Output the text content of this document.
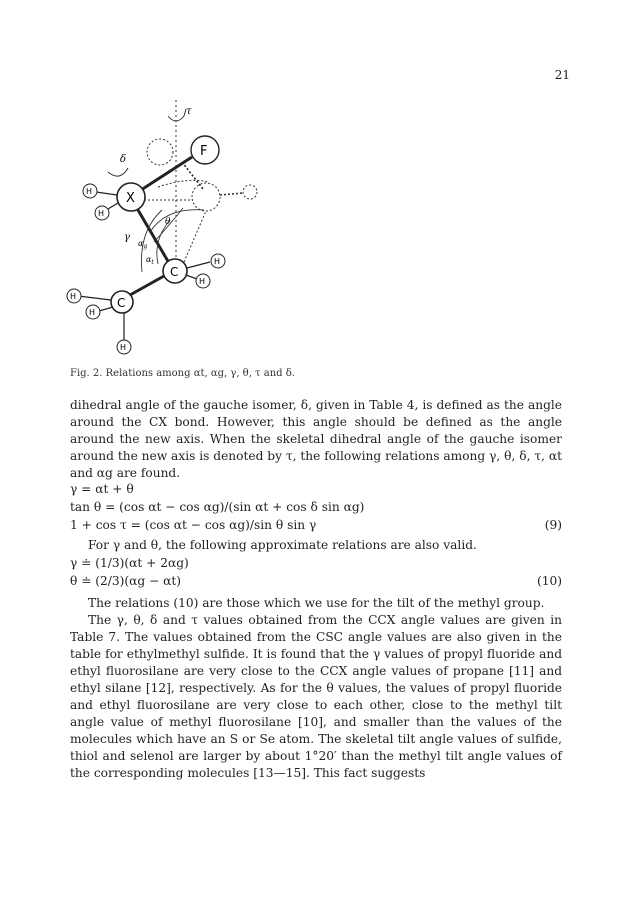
21
τ
δ
F
X
H
H
θ
γ
$\alpha_g$
$\alpha_t$
C
H
H
C
H
H
H
Fig. 2. Relations among αt, αg, γ, θ, τ and δ.

dihedral angle of the gauche isomer, δ, given in Table 4, is defined as the angle around the CX bond. However, this angle should be defined as the angle around the new axis. When the skeletal dihedral angle of the gauche isomer around the new axis is denoted by τ, the following relations among γ, θ, δ, τ, αt and αg are found.

γ = αt + θ
tan θ = (cos αt − cos αg)/(sin αt + cos δ sin αg)
1 + cos τ = (cos αt − cos αg)/sin θ sin γ	(9)

For γ and θ, the following approximate relations are also valid.

γ ≐ (1/3)(αt + 2αg)
θ ≐ (2/3)(αg − αt)	(10)

The relations (10) are those which we use for the tilt of the methyl group.

The γ, θ, δ and τ values obtained from the CCX angle values are given in Table 7. The values obtained from the CSC angle values are also given in the table for ethylmethyl sulfide. It is found that the γ values of propyl fluoride and ethyl fluorosilane are very close to the CCX angle values of propane [11] and ethyl silane [12], respectively. As for the θ values, the values of propyl fluoride and ethyl fluorosilane are very close to each other, close to the methyl tilt angle value of methyl fluorosilane [10], and smaller than the values of the molecules which have an S or Se atom. The skeletal tilt angle values of sulfide, thiol and selenol are larger by about 1°20′ than the methyl tilt angle values of the corresponding molecules [13—15]. This fact suggests
